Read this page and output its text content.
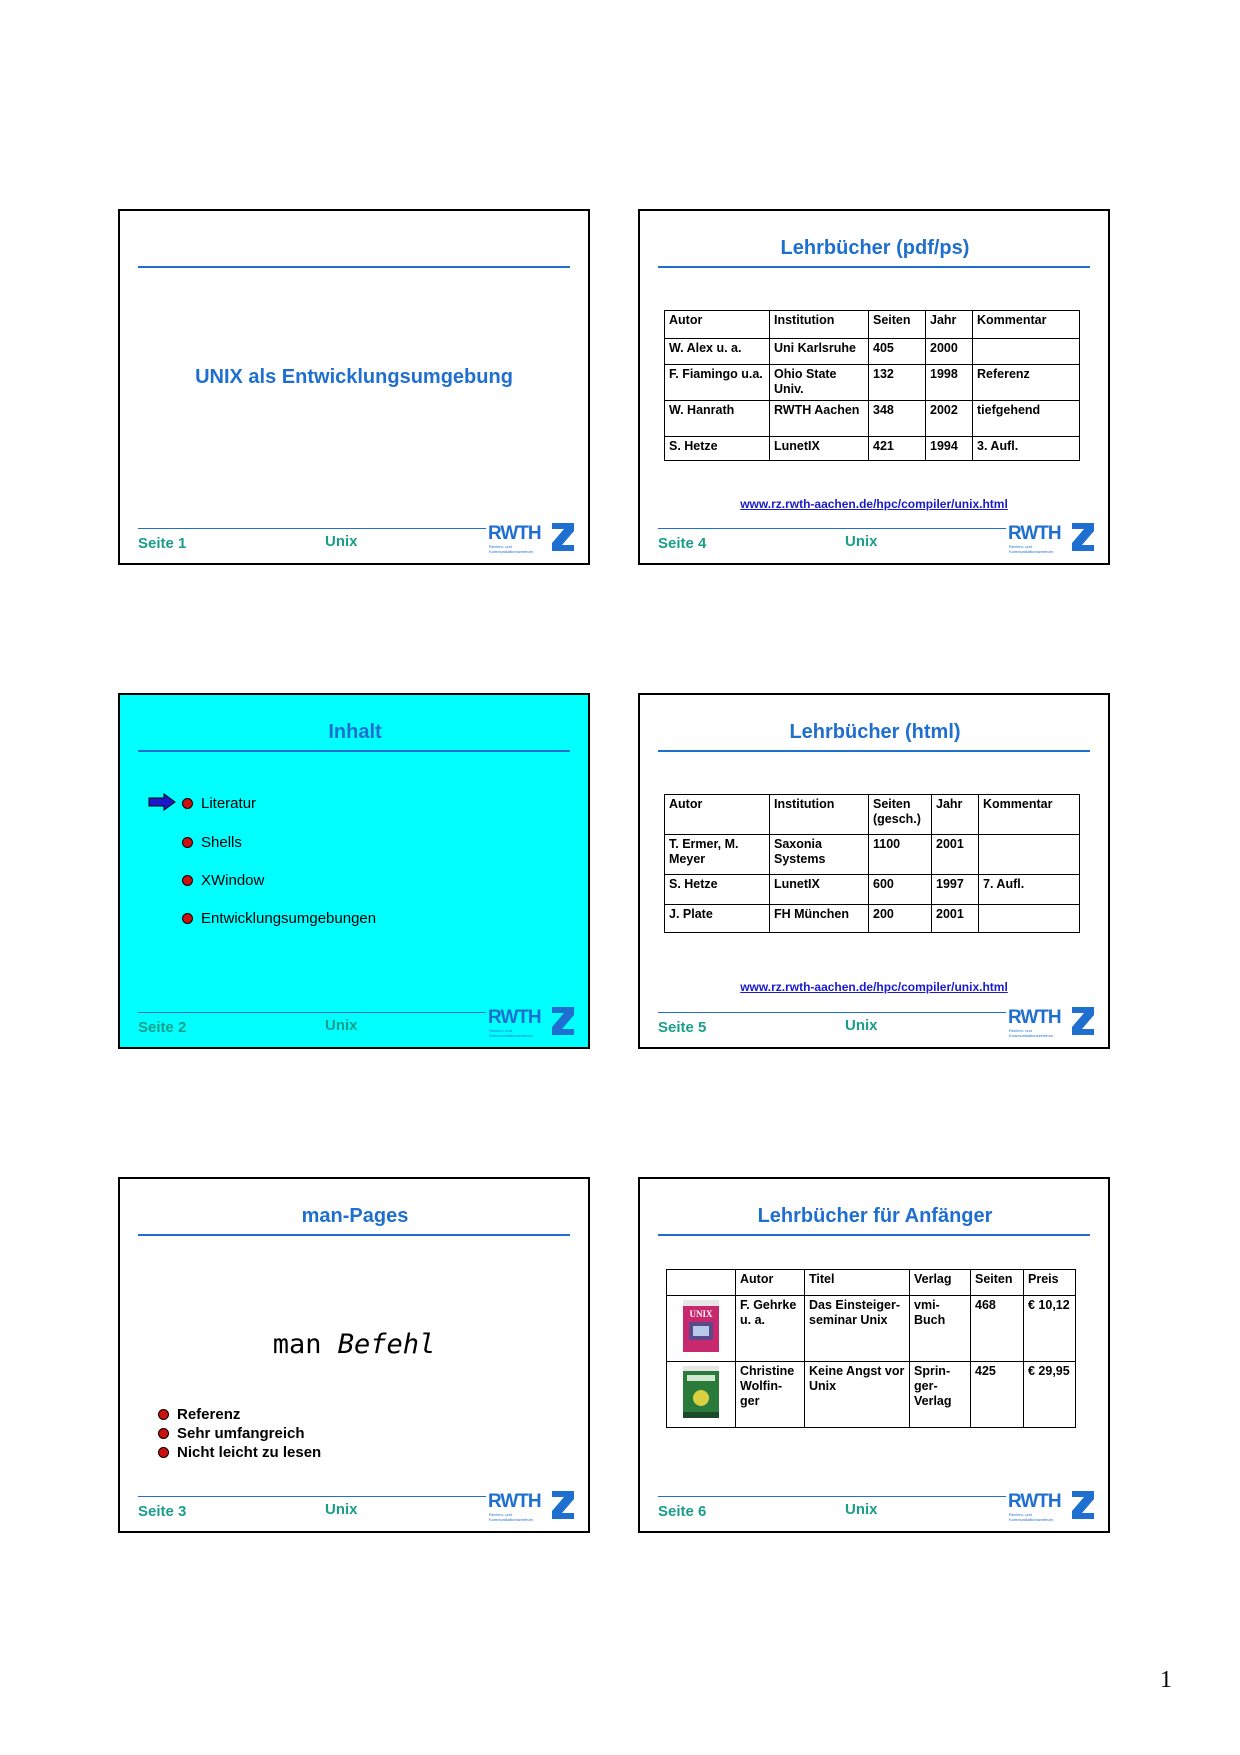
UNIX als Entwicklungsumgebung
Seite 1	Unix	RWTH
Rechen- und
Kommunikationszentrum
Lehrbücher (pdf/ps)
Autor	Institution	Seiten	Jahr	Kommentar
W. Alex u. a.	Uni Karlsruhe	405	2000	
F. Fiamingo u.a.	Ohio State Univ.	132	1998	Referenz
W. Hanrath	RWTH Aachen	348	2002	tiefgehend
S. Hetze	LunetIX	421	1994	3. Aufl.
www.rz.rwth-aachen.de/hpc/compiler/unix.html
Seite 4	Unix	RWTH
Rechen- und
Kommunikationszentrum
Inhalt
Literatur
Shells
XWindow
Entwicklungsumgebungen
Seite 2	Unix	RWTH
Rechen- und
Kommunikationszentrum
Lehrbücher (html)
Autor	Institution	Seiten (gesch.)	Jahr	Kommentar
T. Ermer, M. Meyer	Saxonia Systems	1100	2001	
S. Hetze	LunetIX	600	1997	7. Aufl.
J. Plate	FH München	200	2001	
www.rz.rwth-aachen.de/hpc/compiler/unix.html
Seite 5	Unix	RWTH
Rechen- und
Kommunikationszentrum
man-Pages
man Befehl
Referenz
Sehr umfangreich
Nicht leicht zu lesen
Seite 3	Unix	RWTH
Rechen- und
Kommunikationszentrum
Lehrbücher für Anfänger
	Autor	Titel	Verlag	Seiten	Preis

UNIX	F. Gehrke u. a.	Das Einsteiger-seminar Unix	vmi-Buch	468	€ 10,12

	Christine Wolfin-ger	Keine Angst vor Unix	Sprin-ger-Verlag	425	€ 29,95
Seite 6	Unix	RWTH
Rechen- und
Kommunikationszentrum
1
